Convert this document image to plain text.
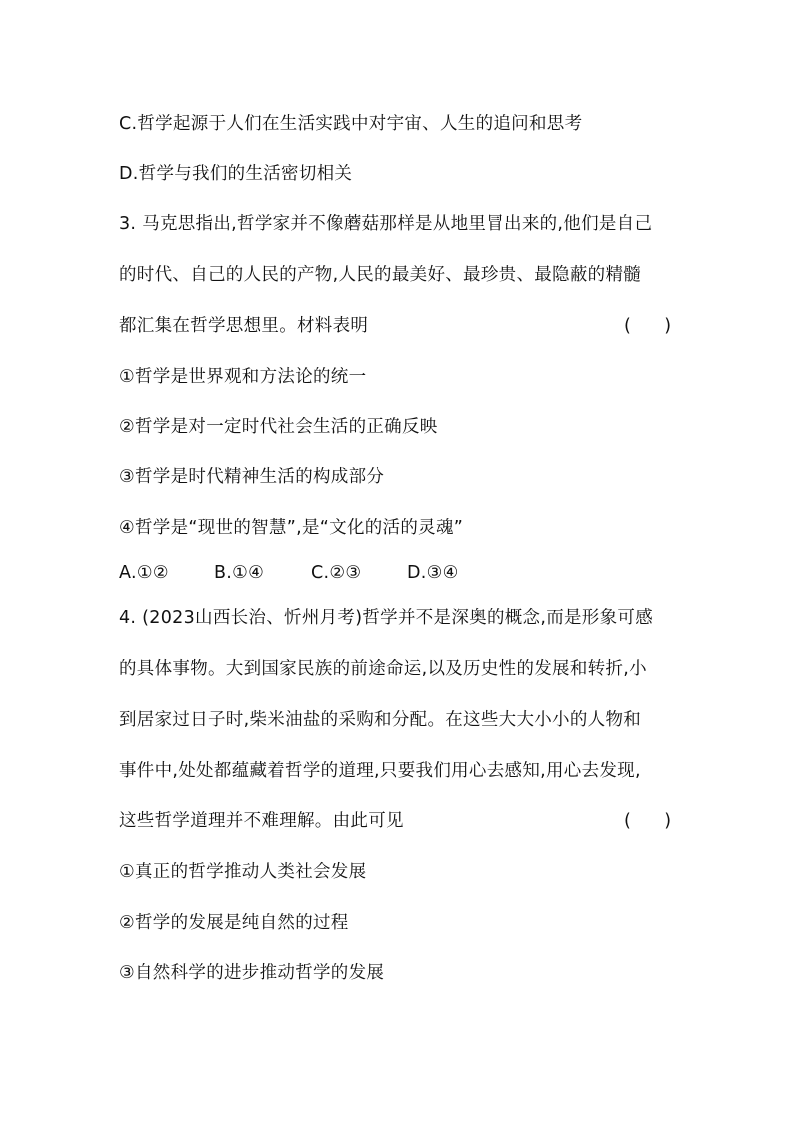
C.哲学起源于人们在生活实践中对宇宙、人生的追问和思考
D.哲学与我们的生活密切相关
3. 马克思指出,哲学家并不像蘑菇那样是从地里冒出来的,他们是自己
的时代、自己的人民的产物,人民的最美好、最珍贵、最隐蔽的精髓
都汇集在哲学思想里。材料表明	(      )
①哲学是世界观和方法论的统一
②哲学是对一定时代社会生活的正确反映
③哲学是时代精神生活的构成部分
④哲学是“现世的智慧”,是“文化的活的灵魂”
A.①②	B.①④	C.②③	D.③④
4. (2023山西长治、忻州月考)哲学并不是深奥的概念,而是形象可感
的具体事物。大到国家民族的前途命运,以及历史性的发展和转折,小
到居家过日子时,柴米油盐的采购和分配。在这些大大小小的人物和
事件中,处处都蕴藏着哲学的道理,只要我们用心去感知,用心去发现,
这些哲学道理并不难理解。由此可见	(      )
①真正的哲学推动人类社会发展
②哲学的发展是纯自然的过程
③自然科学的进步推动哲学的发展
